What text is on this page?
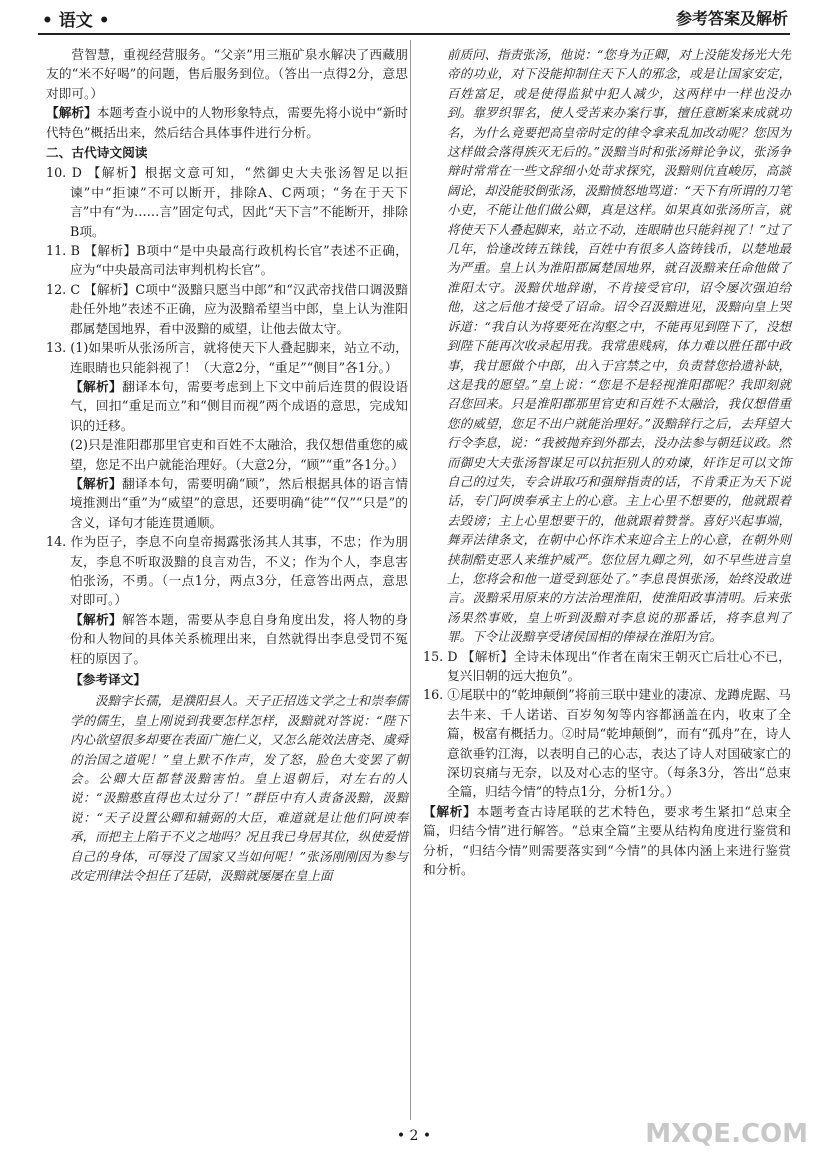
• 语文 •	参考答案及解析

营智慧，重视经营服务。“父亲”用三瓶矿泉水解决了西藏朋友的“米不好喝”的问题，售后服务到位。（答出一点得2分，意思对即可。）

【解析】本题考查小说中的人物形象特点，需要先将小说中“新时代特色”概括出来，然后结合具体事件进行分析。

二、古代诗文阅读

10. D 【解析】根据文意可知，“然御史大夫张汤智足以拒谏”中“拒谏”不可以断开，排除A、C两项；“务在于天下言”中有“为……言”固定句式，因此“天下言”不能断开，排除B项。

11. B 【解析】B项中“是中央最高行政机构长官”表述不正确，应为“中央最高司法审判机构长官”。

12. C 【解析】C项中“汲黯只愿当中郎”和“汉武帝找借口调汲黯赴任外地”表述不正确，应为汲黯希望当中郎，皇上认为淮阳郡属楚国地界，看中汲黯的威望，让他去做太守。

13. (1)如果听从张汤所言，就将使天下人叠起脚来，站立不动，连眼睛也只能斜视了！（大意2分，“重足”“侧目”各1分。）

【解析】翻译本句，需要考虑到上下文中前后连贯的假设语气，回扣“重足而立”和“侧目而视”两个成语的意思，完成知识的迁移。

(2)只是淮阳郡那里官吏和百姓不太融洽，我仅想借重您的威望，您足不出户就能治理好。（大意2分，“顾”“重”各1分。）

【解析】翻译本句，需要明确“顾”，然后根据具体的语言情境推测出“重”为“威望”的意思，还要明确“徒”“仅”“只是”的含义，译句才能连贯通顺。

14. 作为臣子，李息不向皇帝揭露张汤其人其事，不忠；作为朋友，李息不听取汲黯的良言劝告，不义；作为个人，李息害怕张汤，不勇。（一点1分，两点3分，任意答出两点，意思对即可。）

【解析】解答本题，需要从李息自身角度出发，将人物的身份和人物间的具体关系梳理出来，自然就得出李息受罚不冤枉的原因了。

【参考译文】

汲黯字长孺，是濮阳县人。天子正招选文学之士和崇奉儒学的儒生，皇上刚说到我要怎样怎样，汲黯就对答说：“陛下内心欲望很多却要在表面广施仁义，又怎么能效法唐尧、虞舜的治国之道呢！”皇上默不作声，发了怒，脸色大变罢了朝会。公卿大臣都替汲黯害怕。皇上退朝后，对左右的人说：“汲黯憨直得也太过分了！”群臣中有人责备汲黯，汲黯说：“天子设置公卿和辅弼的大臣，难道就是让他们阿谀奉承，而把主上陷于不义之地吗？况且我已身居其位，纵使爱惜自己的身体，可辱没了国家又当如何呢！”张汤刚刚因为参与改定刑律法令担任了廷尉，汲黯就屡屡在皇上面

前质问、指责张汤，他说：“您身为正卿，对上没能发扬光大先帝的功业，对下没能抑制住天下人的邪念，或是让国家安定，百姓富足，或是使得监狱中犯人减少，这两样中一样也没办到。靠罗织罪名，使人受苦来办案行事，擅任意断案来成就功名，为什么竟要把高皇帝时定的律令拿来乱加改动呢？您因为这样做会落得族灭无后的。”汲黯当时和张汤辩论争议，张汤争辩时常常在一些文辞细小处苛求探究，汲黯则伉直峻厉，高談阔论，却没能驳倒张汤，汲黯愤怒地骂道：“天下有所谓的刀笔小吏，不能让他们做公卿，真是这样。如果真如张汤所言，就将使天下人叠起脚来，站立不动，连眼睛也只能斜视了！”过了几年，恰逢改铸五铢钱，百姓中有很多人盗铸钱币，以楚地最为严重。皇上认为淮阳郡属楚国地界，就召汲黯来任命他做了淮阳太守。汲黯伏地辞谢，不肯接受官印，诏令屡次强迫给他，这之后他才接受了诏命。诏令召汲黯进见，汲黯向皇上哭诉道：“我自认为将要死在沟壑之中，不能再见到陛下了，没想到陛下能再次收录起用我。我常患贱病，体力难以胜任郡中政事，我甘愿做个中郎，出入于宫禁之中，负责替您拾遗补缺，这是我的愿望。”皇上说：“您是不是轻视淮阳郡呢？我即刻就召您回来。只是淮阳郡那里官吏和百姓不太融洽，我仅想借重您的威望，您足不出户就能治理好。”汲黯辞行之后，去拜望大行令李息，说：“我被抛弃到外郡去，没办法参与朝廷议政。然而御史大夫张汤智谋足可以抗拒别人的劝谏，奸诈足可以文饰自己的过失，专会讲取巧和强辩指责的话，不肯秉正为天下说话，专门阿谀奉承主上的心意。主上心里不想要的，他就跟着去毁谤；主上心里想要干的，他就跟着赞誉。喜好兴起事端，舞弄法律条文，在朝中心怀诈术来迎合主上的心意，在朝外则挟制酷吏恶人来维护威严。您位居九卿之列，如不早些进言皇上，您将会和他一道受到惩处了。”李息畏惧张汤，始终没敢进言。汲黯采用原来的方法治理淮阳，使淮阳政事清明。后来张汤果然事败，皇上听到汲黯对李息说的那番话，将李息判了罪。下令让汲黯享受诸侯国相的俸禄在淮阳为官。

15. D 【解析】全诗未体现出“作者在南宋王朝灭亡后壮心不已，复兴旧朝的远大抱负”。

16. ①尾联中的“乾坤颠倒”将前三联中建业的凄凉、龙蹲虎踞、马去牛来、千人诺诺、百岁匆匆等内容都涵盖在内，收束了全篇，极富有概括力。②时局“乾坤颠倒”，而有“孤舟”在，诗人意欲垂钓江海，以表明自己的心志，表达了诗人对国破家亡的深切哀痛与无奈，以及对心志的坚守。（每条3分，答出“总束全篇，归结今情”的特点1分，分析1分。）

【解析】本题考查古诗尾联的艺术特色，要求考生紧扣“总束全篇，归结今情”进行解答。“总束全篇”主要从结构角度进行鉴赏和分析，“归结今情”则需要落实到“今情”的具体内涵上来进行鉴赏和分析。

• 2 •	MXQE.COM
